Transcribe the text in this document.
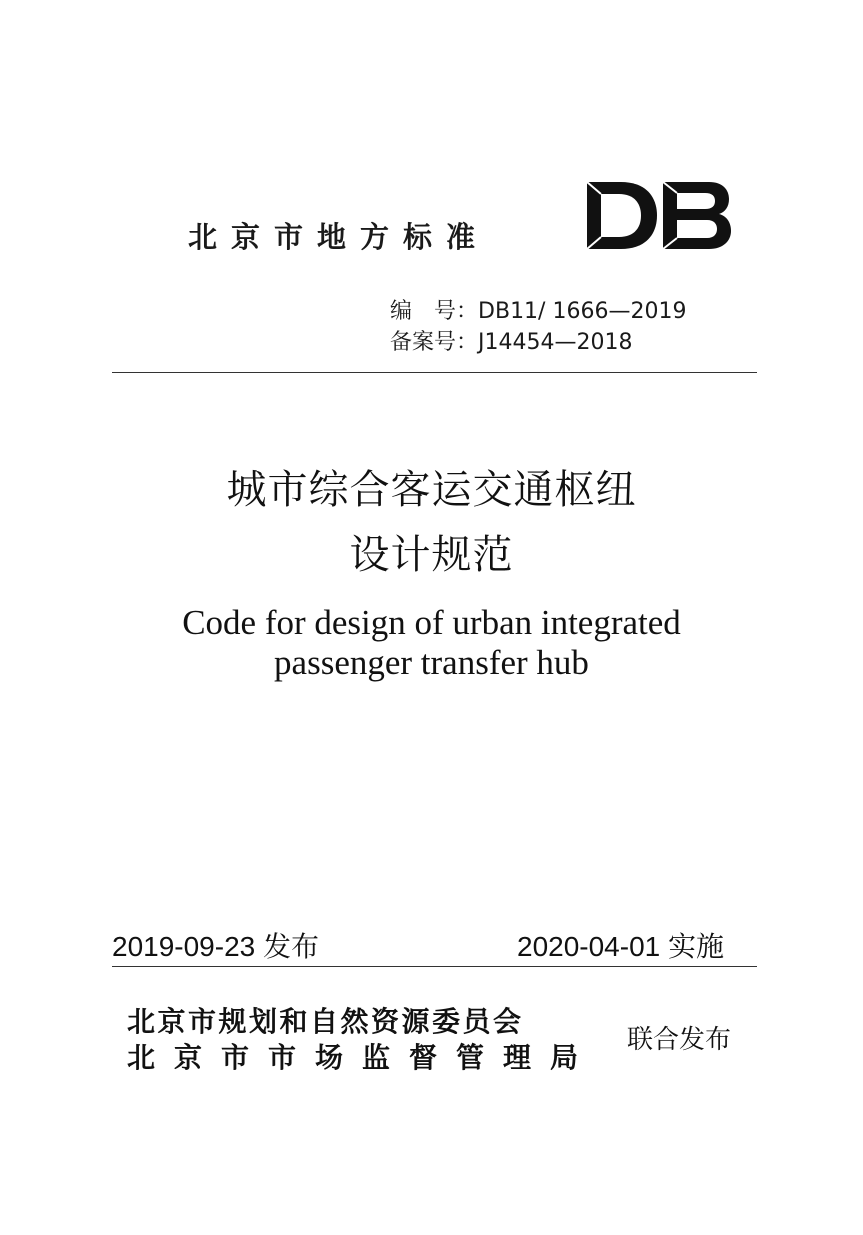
北京市地方标准
编　号：DB11/ 1666—2019
备案号：J14454—2018
城市综合客运交通枢纽
设计规范
Code for design of urban integrated
passenger transfer hub
2019-09-23 发布	2020-04-01 实施
北京市规划和自然资源委员会
北京市市场监督管理局
联合发布
